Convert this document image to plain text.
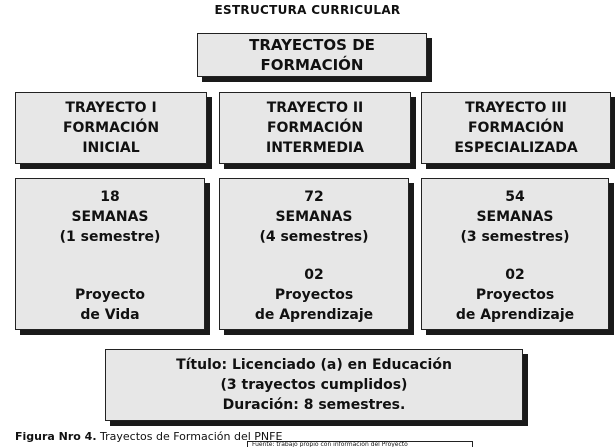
ESTRUCTURA CURRICULAR
TRAYECTOS DE FORMACIÓN
TRAYECTO I
FORMACIÓN
INICIAL
TRAYECTO II
FORMACIÓN
INTERMEDIA
TRAYECTO III
FORMACIÓN
ESPECIALIZADA
18
SEMANAS
(1 semestre)
Proyecto
de Vida
72
SEMANAS
(4 semestres)
02
Proyectos
de Aprendizaje
54
SEMANAS
(3 semestres)
02
Proyectos
de Aprendizaje
Título: Licenciado (a) en Educación
(3 trayectos cumplidos)
Duración: 8 semestres.
Figura Nro 4. Trayectos de Formación del PNFE
Fuente: trabajo propio con información del Proyecto
